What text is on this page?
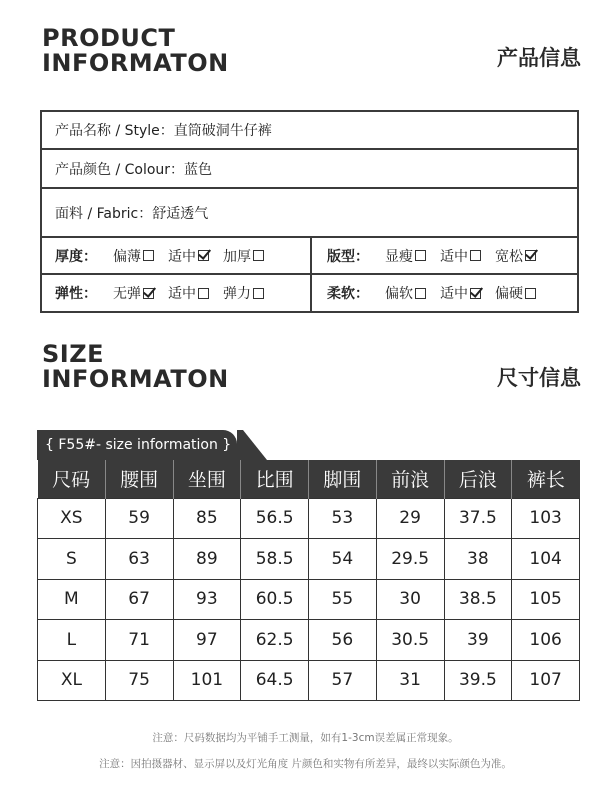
PRODUCT
INFORMATON	产品信息
产品名称 / Style： 直筒破洞牛仔裤
产品颜色 / Colour： 蓝色
面料 / Fabric： 舒适透气
厚度： 偏薄 适中 加厚	版型： 显瘦 适中 宽松
弹性： 无弹 适中 弹力	柔软： 偏软 适中 偏硬
SIZE
INFORMATON	尺寸信息
{ F55#- size information }
尺码	腰围	坐围	比围	脚围	前浪	后浪	裤长
XS	59	85	56.5	53	29	37.5	103
S	63	89	58.5	54	29.5	38	104
M	67	93	60.5	55	30	38.5	105
L	71	97	62.5	56	30.5	39	106
XL	75	101	64.5	57	31	39.5	107
注意：尺码数据均为平铺手工测量，如有1-3cm误差属正常现象。
注意：因拍摄器材、显示屏以及灯光角度 片颜色和实物有所差异，最终以实际颜色为准。
